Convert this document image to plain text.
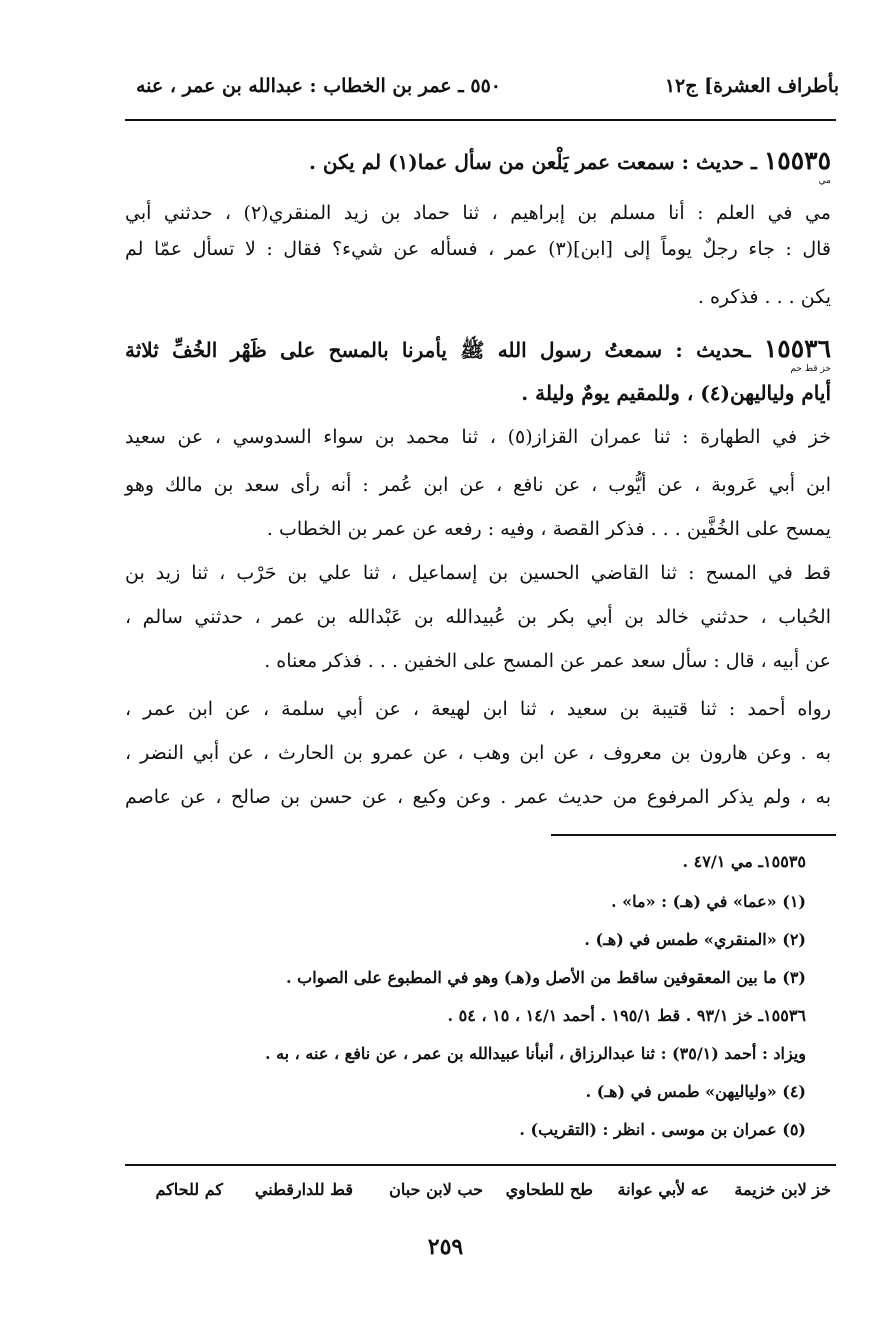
بأطراف العشرة] ج١٢
٥٥٠ ـ عمر بن الخطاب : عبدالله بن عمر ، عنه
١٥٥٣٥ ـ حديث : سمعت عمر يَلْعن من سأل عما(١) لم يكن .
مي
مي في العلم : أنا مسلم بن إبراهيم ، ثنا حماد بن زيد المنقري(٢) ، حدثني أبي
قال : جاء رجلٌ يوماً إلى [ابن](٣) عمر ، فسأله عن شيء؟ فقال : لا تسأل عمّا لم
يكن . . . فذكره .
١٥٥٣٦ ـحديث : سمعتُ رسول الله ﷺ يأمرنا بالمسح على ظَهْر الخُفِّ ثلاثة
خز قط حم
أيام ولياليهن(٤) ، وللمقيم يومٌ وليلة .
خز في الطهارة : ثنا عمران القزاز(٥) ، ثنا محمد بن سواء السدوسي ، عن سعيد
ابن أبي عَروبة ، عن أيُّوب ، عن نافع ، عن ابن عُمر : أنه رأى سعد بن مالك وهو
يمسح على الخُفَّين . . . فذكر القصة ، وفيه : رفعه عن عمر بن الخطاب .
قط في المسح : ثنا القاضي الحسين بن إسماعيل ، ثنا علي بن حَرْب ، ثنا زيد بن
الحُباب ، حدثني خالد بن أبي بكر بن عُبيدالله بن عَبْدالله بن عمر ، حدثني سالم ،
عن أبيه ، قال : سأل سعد عمر عن المسح على الخفين . . . فذكر معناه .
رواه أحمد : ثنا قتيبة بن سعيد ، ثنا ابن لهيعة ، عن أبي سلمة ، عن ابن عمر ،
به . وعن هارون بن معروف ، عن ابن وهب ، عن عمرو بن الحارث ، عن أبي النضر ،
به ، ولم يذكر المرفوع من حديث عمر . وعن وكيع ، عن حسن بن صالح ، عن عاصم
١٥٥٣٥ـ مي ٤٧/١ .
(١) «عما» في (هـ) : «ما» .
(٢) «المنقري» طمس في (هـ) .
(٣) ما بين المعقوفين ساقط من الأصل و(هـ) وهو في المطبوع على الصواب .
١٥٥٣٦ـ خز ٩٣/١ . قط ١٩٥/١ . أحمد ١٤/١ ، ١٥ ، ٥٤ .
ويزاد : أحمد (٣٥/١) : ثنا عبدالرزاق ، أنبأنا عبيدالله بن عمر ، عن نافع ، عنه ، به .
(٤) «ولياليهن» طمس في (هـ) .
(٥) عمران بن موسى . انظر : (التقريب) .
خز لابن خزيمة
عه لأبي عوانة
طح للطحاوي
حب لابن حبان
قط للدارقطني
كم للحاكم
٢٥٩
